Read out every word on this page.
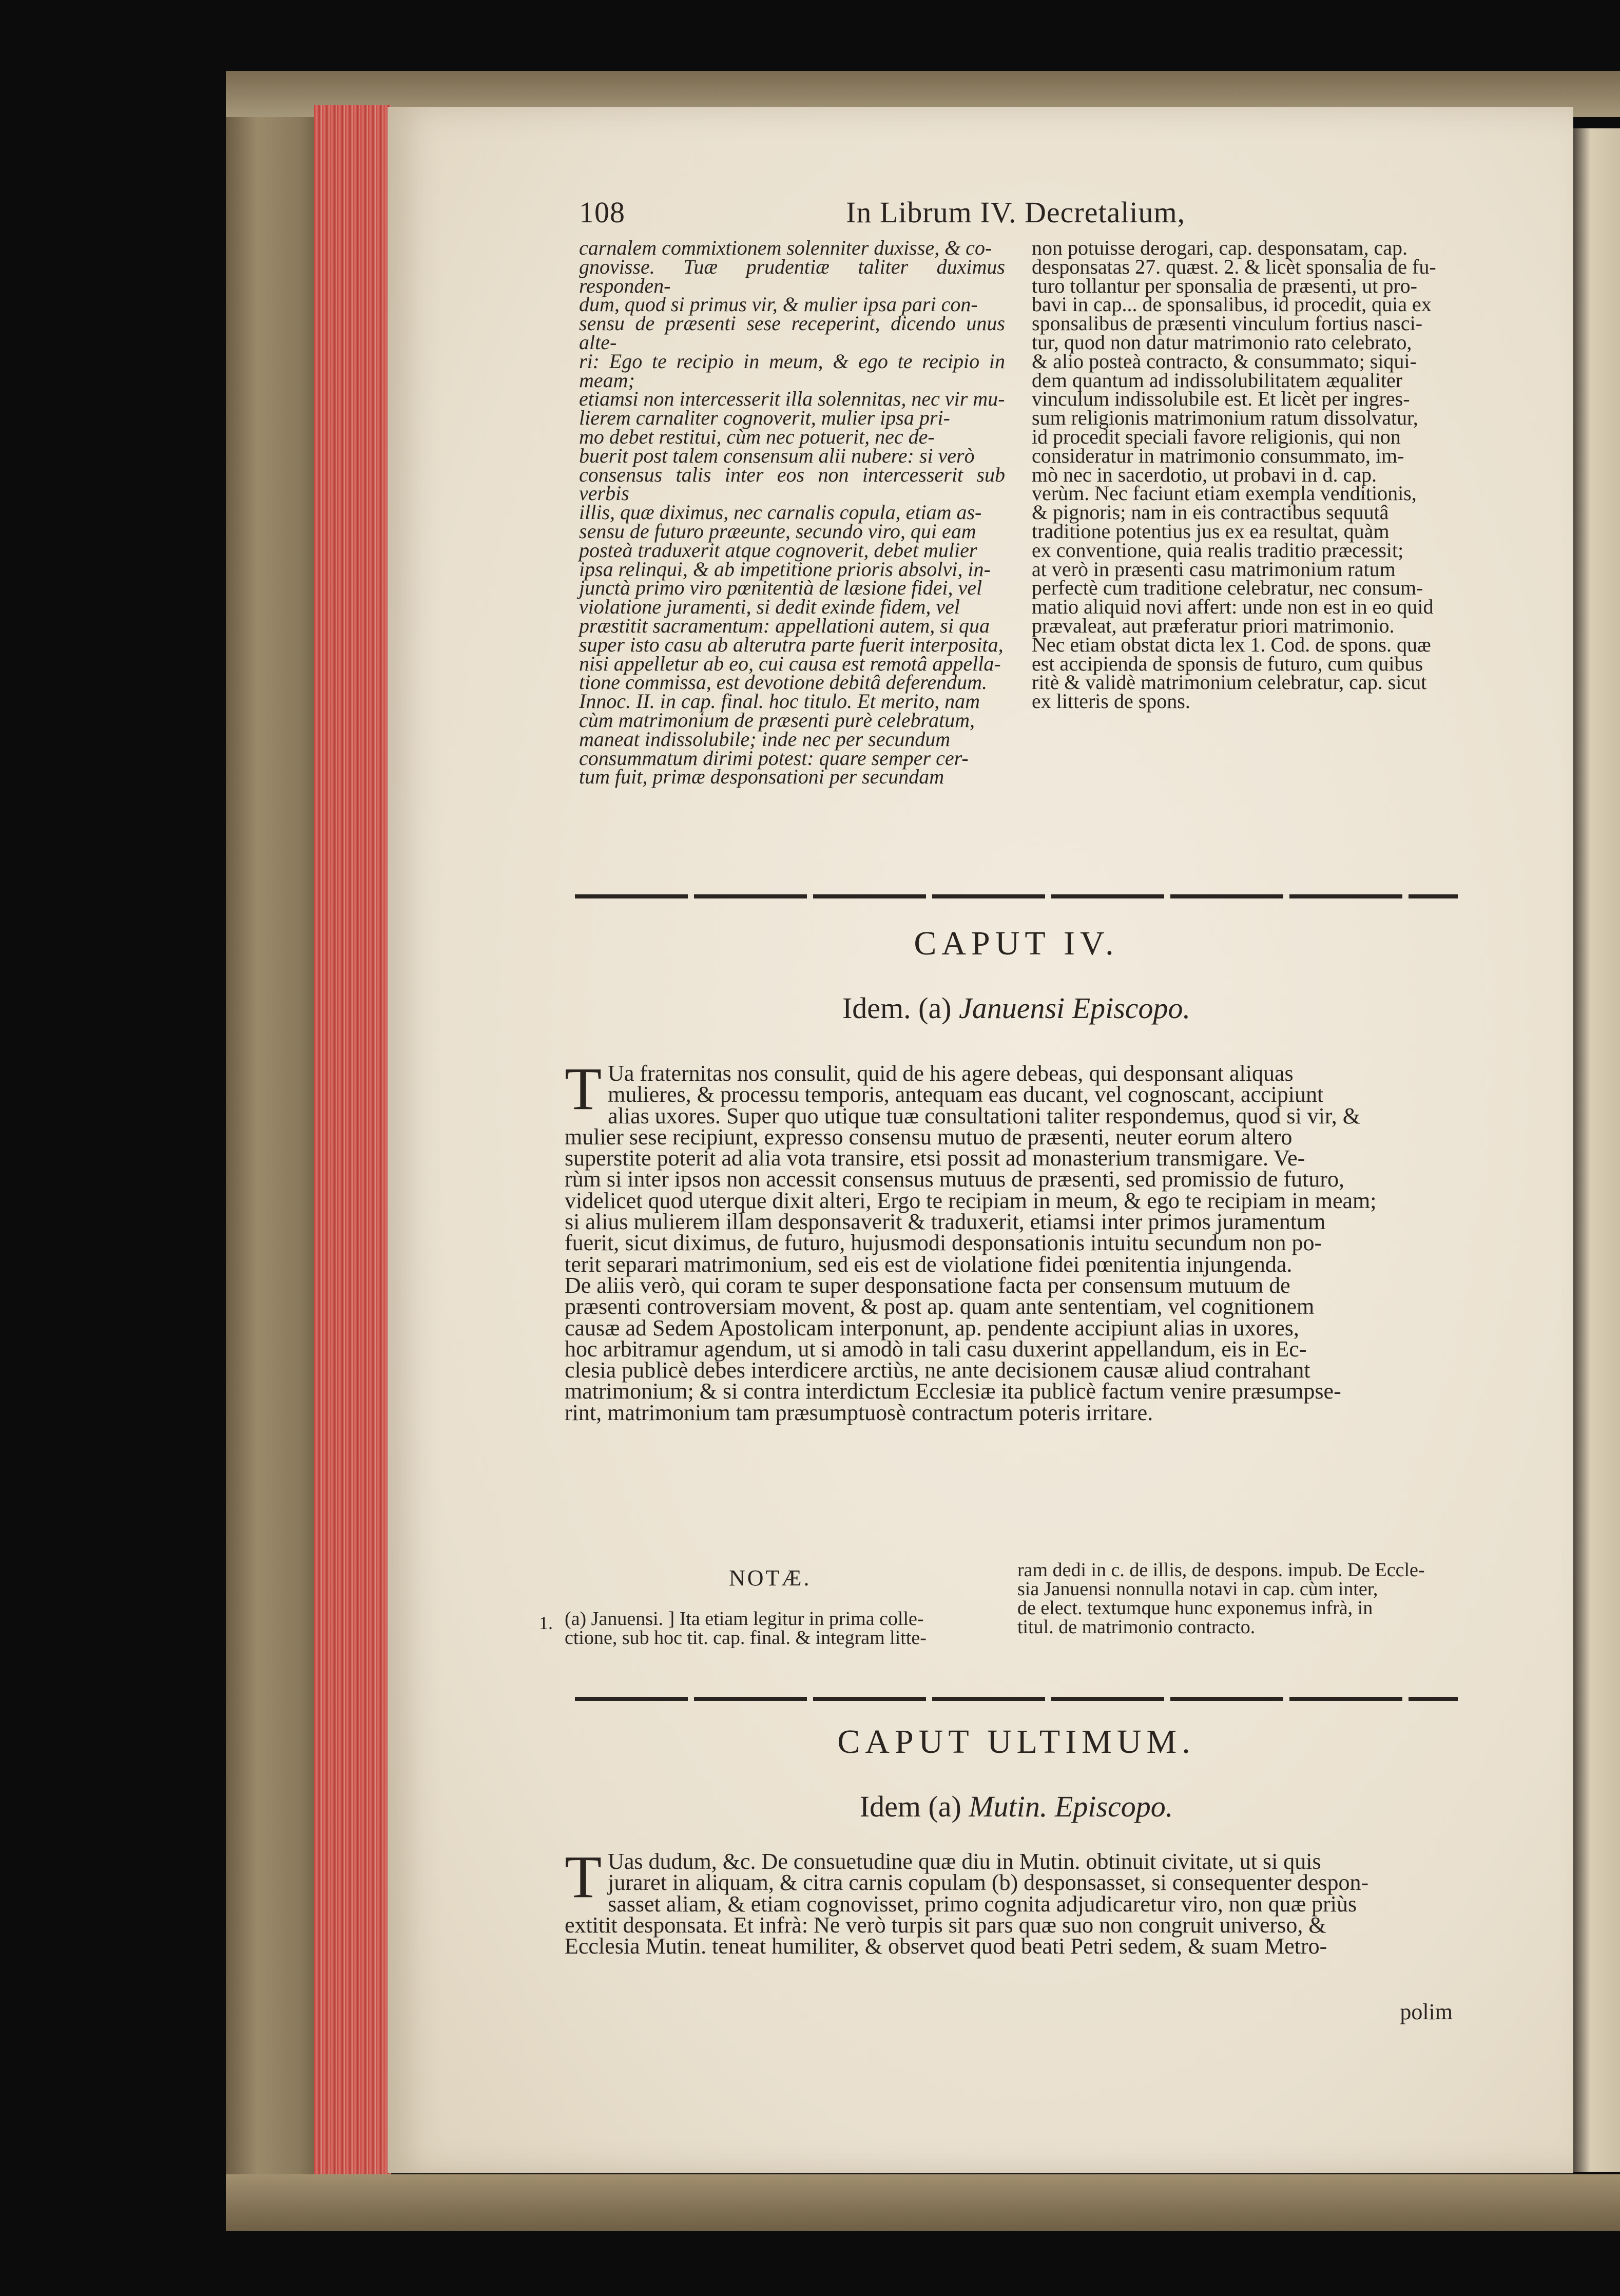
108	In Librum IV. Decretalium,

carnalem commixtionem solenniter duxisse, & co-

gnovisse. Tuæ prudentiæ taliter duximus responden-

dum, quod si primus vir, & mulier ipsa pari con-

sensu de præsenti sese receperint, dicendo unus alte-

ri: Ego te recipio in meum, & ego te recipio in meam;

etiamsi non intercesserit illa solennitas, nec vir mu-

lierem carnaliter cognoverit, mulier ipsa pri-

mo debet restitui, cùm nec potuerit, nec de-

buerit post talem consensum alii nubere: si verò

consensus talis inter eos non intercesserit sub verbis

illis, quæ diximus, nec carnalis copula, etiam as-

sensu de futuro præeunte, secundo viro, qui eam

posteà traduxerit atque cognoverit, debet mulier

ipsa relinqui, & ab impetitione prioris absolvi, in-

junctà primo viro pœnitentià de læsione fidei, vel

violatione juramenti, si dedit exinde fidem, vel

præstitit sacramentum: appellationi autem, si qua

super isto casu ab alterutra parte fuerit interposita,

nisi appelletur ab eo, cui causa est remotâ appella-

tione commissa, est devotione debitâ deferendum.

Innoc. II. in cap. final. hoc titulo. Et merito, nam

cùm matrimonium de præsenti purè celebratum,

maneat indissolubile; inde nec per secundum

consummatum dirimi potest: quare semper cer-

tum fuit, primæ desponsationi per secundam

non potuisse derogari, cap. desponsatam, cap.

desponsatas 27. quæst. 2. & licèt sponsalia de fu-

turo tollantur per sponsalia de præsenti, ut pro-

bavi in cap... de sponsalibus, id procedit, quia ex

sponsalibus de præsenti vinculum fortius nasci-

tur, quod non datur matrimonio rato celebrato,

& alio posteà contracto, & consummato; siqui-

dem quantum ad indissolubilitatem æqualiter

vinculum indissolubile est. Et licèt per ingres-

sum religionis matrimonium ratum dissolvatur,

id procedit speciali favore religionis, qui non

consideratur in matrimonio consummato, im-

mò nec in sacerdotio, ut probavi in d. cap.

verùm. Nec faciunt etiam exempla venditionis,

& pignoris; nam in eis contractibus sequutâ

traditione potentius jus ex ea resultat, quàm

ex conventione, quia realis traditio præcessit;

at verò in præsenti casu matrimonium ratum

perfectè cum traditione celebratur, nec consum-

matio aliquid novi affert: unde non est in eo quid

prævaleat, aut præferatur priori matrimonio.

Nec etiam obstat dicta lex 1. Cod. de spons. quæ

est accipienda de sponsis de futuro, cum quibus

ritè & validè matrimonium celebratur, cap. sicut

ex litteris de spons.

CAPUT IV.
Idem. (a) Januensi Episcopo.
T Ua fraternitas nos consulit, quid de his agere debeas, qui desponsant aliquas

mulieres, & processu temporis, antequam eas ducant, vel cognoscant, accipiunt

alias uxores. Super quo utique tuæ consultationi taliter respondemus, quod si vir, &

mulier sese recipiunt, expresso consensu mutuo de præsenti, neuter eorum altero

superstite poterit ad alia vota transire, etsi possit ad monasterium transmigare. Ve-

rùm si inter ipsos non accessit consensus mutuus de præsenti, sed promissio de futuro,

videlicet quod uterque dixit alteri, Ergo te recipiam in meum, & ego te recipiam in meam;

si alius mulierem illam desponsaverit & traduxerit, etiamsi inter primos juramentum

fuerit, sicut diximus, de futuro, hujusmodi desponsationis intuitu secundum non po-

terit separari matrimonium, sed eis est de violatione fidei pœnitentia injungenda.

De aliis verò, qui coram te super desponsatione facta per consensum mutuum de

præsenti controversiam movent, & post ap. quam ante sententiam, vel cognitionem

causæ ad Sedem Apostolicam interponunt, ap. pendente accipiunt alias in uxores,

hoc arbitramur agendum, ut si amodò in tali casu duxerint appellandum, eis in Ec-

clesia publicè debes interdicere arctiùs, ne ante decisionem causæ aliud contrahant

matrimonium; & si contra interdictum Ecclesiæ ita publicè factum venire præsumpse-

rint, matrimonium tam præsumptuosè contractum poteris irritare.

NOTÆ.
1. (a) Januensi. ] Ita etiam legitur in prima colle-

ctione, sub hoc tit. cap. final. & integram litte-

ram dedi in c. de illis, de despons. impub. De Eccle-

sia Januensi nonnulla notavi in cap. cùm inter,

de elect. textumque hunc exponemus infrà, in

titul. de matrimonio contracto.

CAPUT ULTIMUM.
Idem (a) Mutin. Episcopo.
T Uas dudum, &c. De consuetudine quæ diu in Mutin. obtinuit civitate, ut si quis

juraret in aliquam, & citra carnis copulam (b) desponsasset, si consequenter despon-

sasset aliam, & etiam cognovisset, primo cognita adjudicaretur viro, non quæ priùs

extitit desponsata. Et infrà: Ne verò turpis sit pars quæ suo non congruit universo, &

Ecclesia Mutin. teneat humiliter, & observet quod beati Petri sedem, & suam Metro-

polim
